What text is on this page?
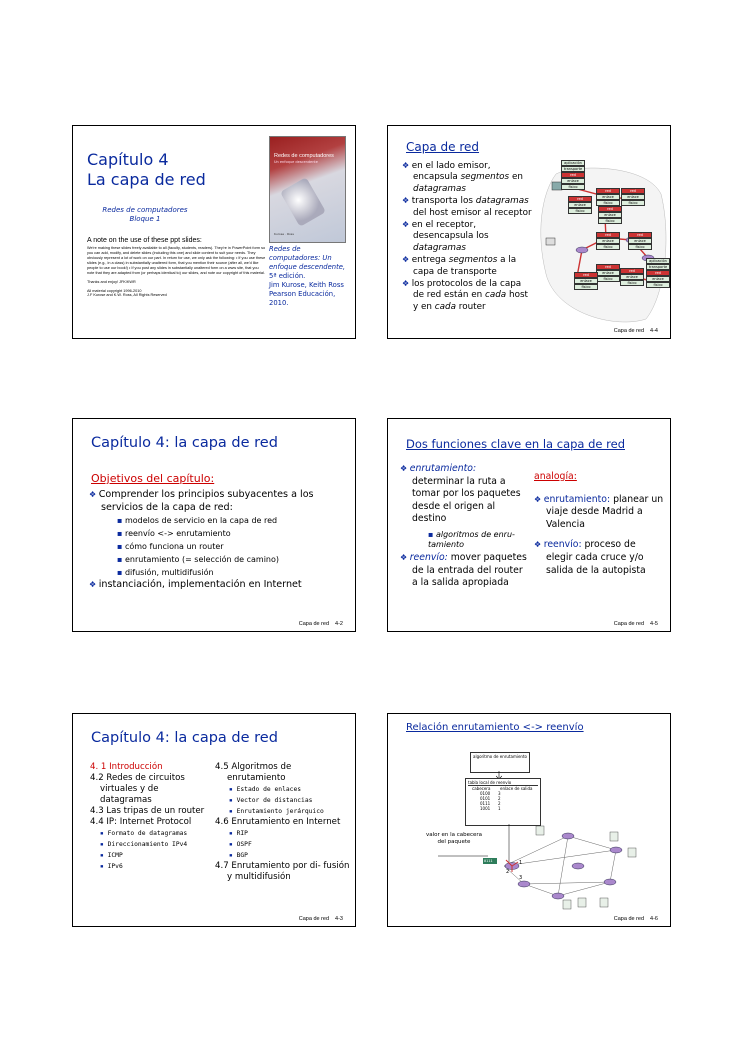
Capítulo 4
La capa de red
Redes de computadores
Bloque 1
Redes de computadores
Un enfoque descendente
Kurose · Ross
A note on the use of these ppt slides:
We're making these slides freely available to all (faculty, students, readers). They're in PowerPoint form so you can add, modify, and delete slides (including this one) and slide content to suit your needs. They obviously represent a lot of work on our part. In return for use, we only ask the following: • If you use these slides (e.g., in a class) in substantially unaltered form, that you mention their source (after all, we'd like people to use our book!) • If you post any slides in substantially unaltered form on a www site, that you note that they are adapted from (or perhaps identical to) our slides, and note our copyright of this material.
Thanks and enjoy! JFK/KWR
All material copyright 1996-2010
J.F Kurose and K.W. Ross, All Rights Reserved
Redes de computadores: Un enfoque descendente,
5ª edición.
Jim Kurose, Keith Ross
Pearson Educación, 2010.
Capa de red
❖ en el lado emisor, encapsula segmentos en datagramas
❖ transporta los datagramas del host emisor al receptor
❖ en el receptor, desencapsula los datagramas
❖ entrega segmentos a la capa de transporte
❖ los protocolos de la capa de red están en cada host y en cada router
aplicación
transporte
red
enlace
físico
red
enlace
físico
red
enlace
físico
red
enlace
físico	red
enlace
físico
red
enlace
físico
red
enlace
físico
red
enlace
físico
red
enlace
físico
red
enlace
físico
aplicación
transporte
red
enlace
físico
Capa de red 4-4
Capítulo 4: la capa de red
Objetivos del capítulo:
❖ Comprender los principios subyacentes a los servicios de la capa de red:
▪ modelos de servicio en la capa de red
▪ reenvío <-> enrutamiento
▪ cómo funciona un router
▪ enrutamiento (= selección de camino)
▪ difusión, multidifusión
❖ instanciación, implementación en Internet
Capa de red 4-2
Dos funciones clave en la capa de red
❖ enrutamiento:
determinar la ruta a tomar por los paquetes desde el origen al destino
▪ algoritmos de enru- tamiento
❖ reenvío: mover paquetes de la entrada del router a la salida apropiada
analogía:
❖ enrutamiento: planear un viaje desde Madrid a Valencia
❖ reenvío: proceso de elegir cada cruce y/o salida de la autopista
Capa de red 4-5
Capítulo 4: la capa de red
4. 1 Introducción
4.2 Redes de circuitos virtuales y de datagramas
4.3 Las tripas de un router
4.4 IP: Internet Protocol
▪ Formato de datagramas
▪ Direccionamiento IPv4
▪ ICMP
▪ IPv6
4.5 Algoritmos de enrutamiento
▪ Estado de enlaces
▪ Vector de distancias
▪ Enrutamiento jerárquico
4.6 Enrutamiento en Internet
▪ RIP
▪ OSPF
▪ BGP
4.7 Enrutamiento por di- fusión y multidifusión
Capa de red 4-3
Relación enrutamiento <-> reenvío
algoritmo de enrutamiento
tabla local de reenvío
cabecera	enlace de salida
0100	3
0101	2
0111	2
1001	1
valor en la cabecera del paquete
0111	1
2
3
Capa de red 4-6
